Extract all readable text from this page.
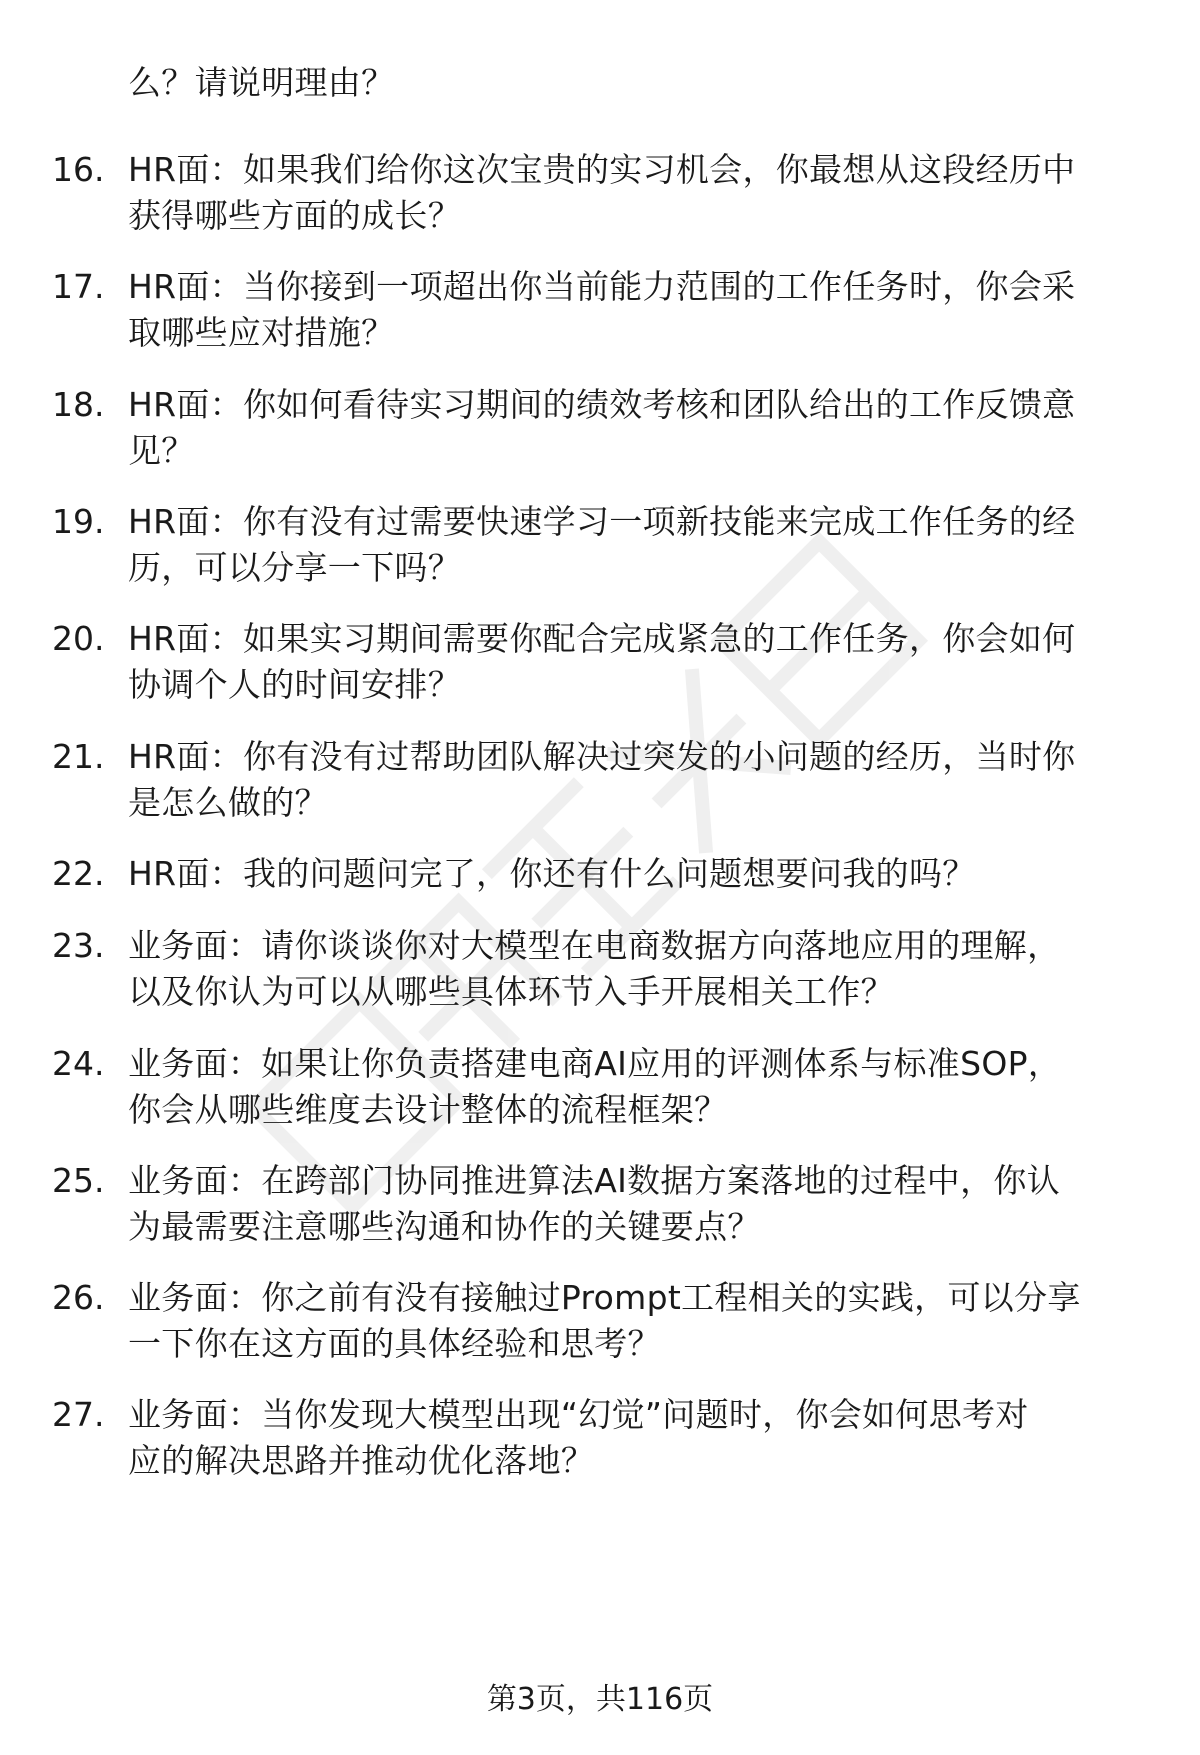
么？请说明理由？
16. HR面：如果我们给你这次宝贵的实习机会，你最想从这段经历中
获得哪些方面的成长？
17. HR面：当你接到一项超出你当前能力范围的工作任务时，你会采
取哪些应对措施？
18. HR面：你如何看待实习期间的绩效考核和团队给出的工作反馈意
见？
19. HR面：你有没有过需要快速学习一项新技能来完成工作任务的经
历，可以分享一下吗？
20. HR面：如果实习期间需要你配合完成紧急的工作任务，你会如何
协调个人的时间安排？
21. HR面：你有没有过帮助团队解决过突发的小问题的经历，当时你
是怎么做的？
22. HR面：我的问题问完了，你还有什么问题想要问我的吗？
23. 业务面：请你谈谈你对大模型在电商数据方向落地应用的理解，
以及你认为可以从哪些具体环节入手开展相关工作？
24. 业务面：如果让你负责搭建电商AI应用的评测体系与标准SOP，
你会从哪些维度去设计整体的流程框架？
25. 业务面：在跨部门协同推进算法AI数据方案落地的过程中，你认
为最需要注意哪些沟通和协作的关键要点？
26. 业务面：你之前有没有接触过Prompt工程相关的实践，可以分享
一下你在这方面的具体经验和思考？
27. 业务面：当你发现大模型出现“幻觉”问题时，你会如何思考对
应的解决思路并推动优化落地？
第3页，共116页
